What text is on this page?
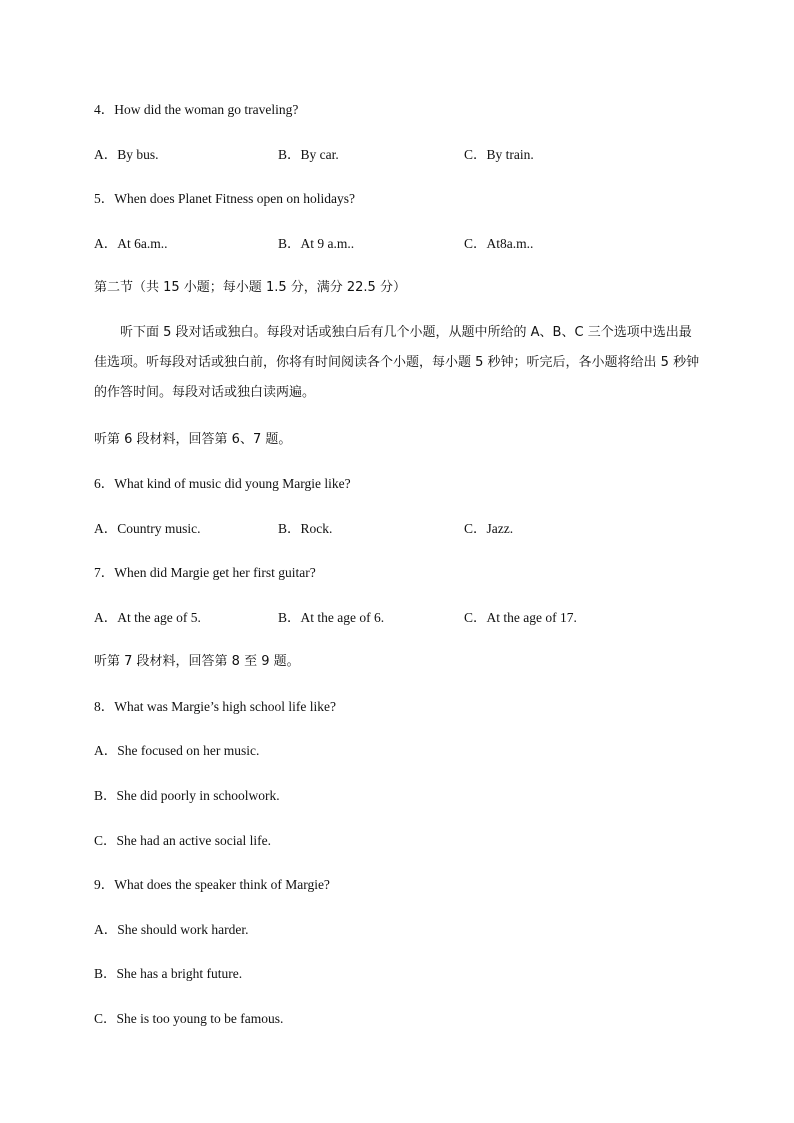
4．How did the woman go traveling?
A．By bus.	B．By car.	C．By train.
5．When does Planet Fitness open on holidays?
A．At 6a.m..	B．At 9 a.m..	C．At8a.m..
第二节（共 15 小题；每小题 1.5 分，满分 22.5 分）
听下面 5 段对话或独白。每段对话或独白后有几个小题，从题中所给的 A、B、C 三个选项中选出最佳选项。听每段对话或独白前，你将有时间阅读各个小题，每小题 5 秒钟；听完后，各小题将给出 5 秒钟的作答时间。每段对话或独白读两遍。
听第 6 段材料，回答第 6、7 题。
6．What kind of music did young Margie like?
A．Country music.	B．Rock.	C．Jazz.
7．When did Margie get her first guitar?
A．At the age of 5.	B．At the age of 6.	C．At the age of 17.
听第 7 段材料，回答第 8 至 9 题。
8．What was Margie’s high school life like?
A．She focused on her music.
B．She did poorly in schoolwork.
C．She had an active social life.
9．What does the speaker think of Margie?
A．She should work harder.
B．She has a bright future.
C．She is too young to be famous.
